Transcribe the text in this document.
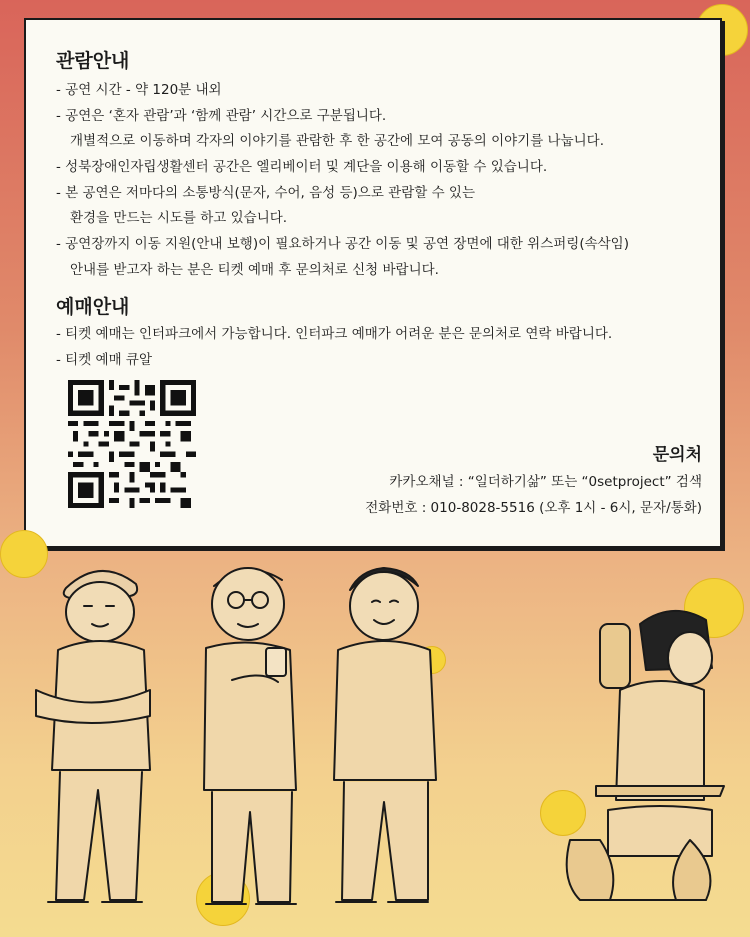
관람안내
- 공연 시간 - 약 120분 내외
- 공연은 ‘혼자 관람’과 ‘함께 관람’ 시간으로 구분됩니다.
개별적으로 이동하며 각자의 이야기를 관람한 후 한 공간에 모여 공동의 이야기를 나눕니다.
- 성북장애인자립생활센터 공간은 엘리베이터 및 계단을 이용해 이동할 수 있습니다.
- 본 공연은 저마다의 소통방식(문자, 수어, 음성 등)으로 관람할 수 있는
환경을 만드는 시도를 하고 있습니다.
- 공연장까지 이동 지원(안내 보행)이 필요하거나 공간 이동 및 공연 장면에 대한 위스퍼링(속삭임)
안내를 받고자 하는 분은 티켓 예매 후 문의처로 신청 바랍니다.
예매안내
- 티켓 예매는 인터파크에서 가능합니다. 인터파크 예매가 어려운 분은 문의처로 연락 바랍니다.
- 티켓 예매 큐알
문의처
카카오채널 : “일더하기삶” 또는 “0setproject” 검색
전화번호 : 010-8028-5516 (오후 1시 - 6시, 문자/통화)
